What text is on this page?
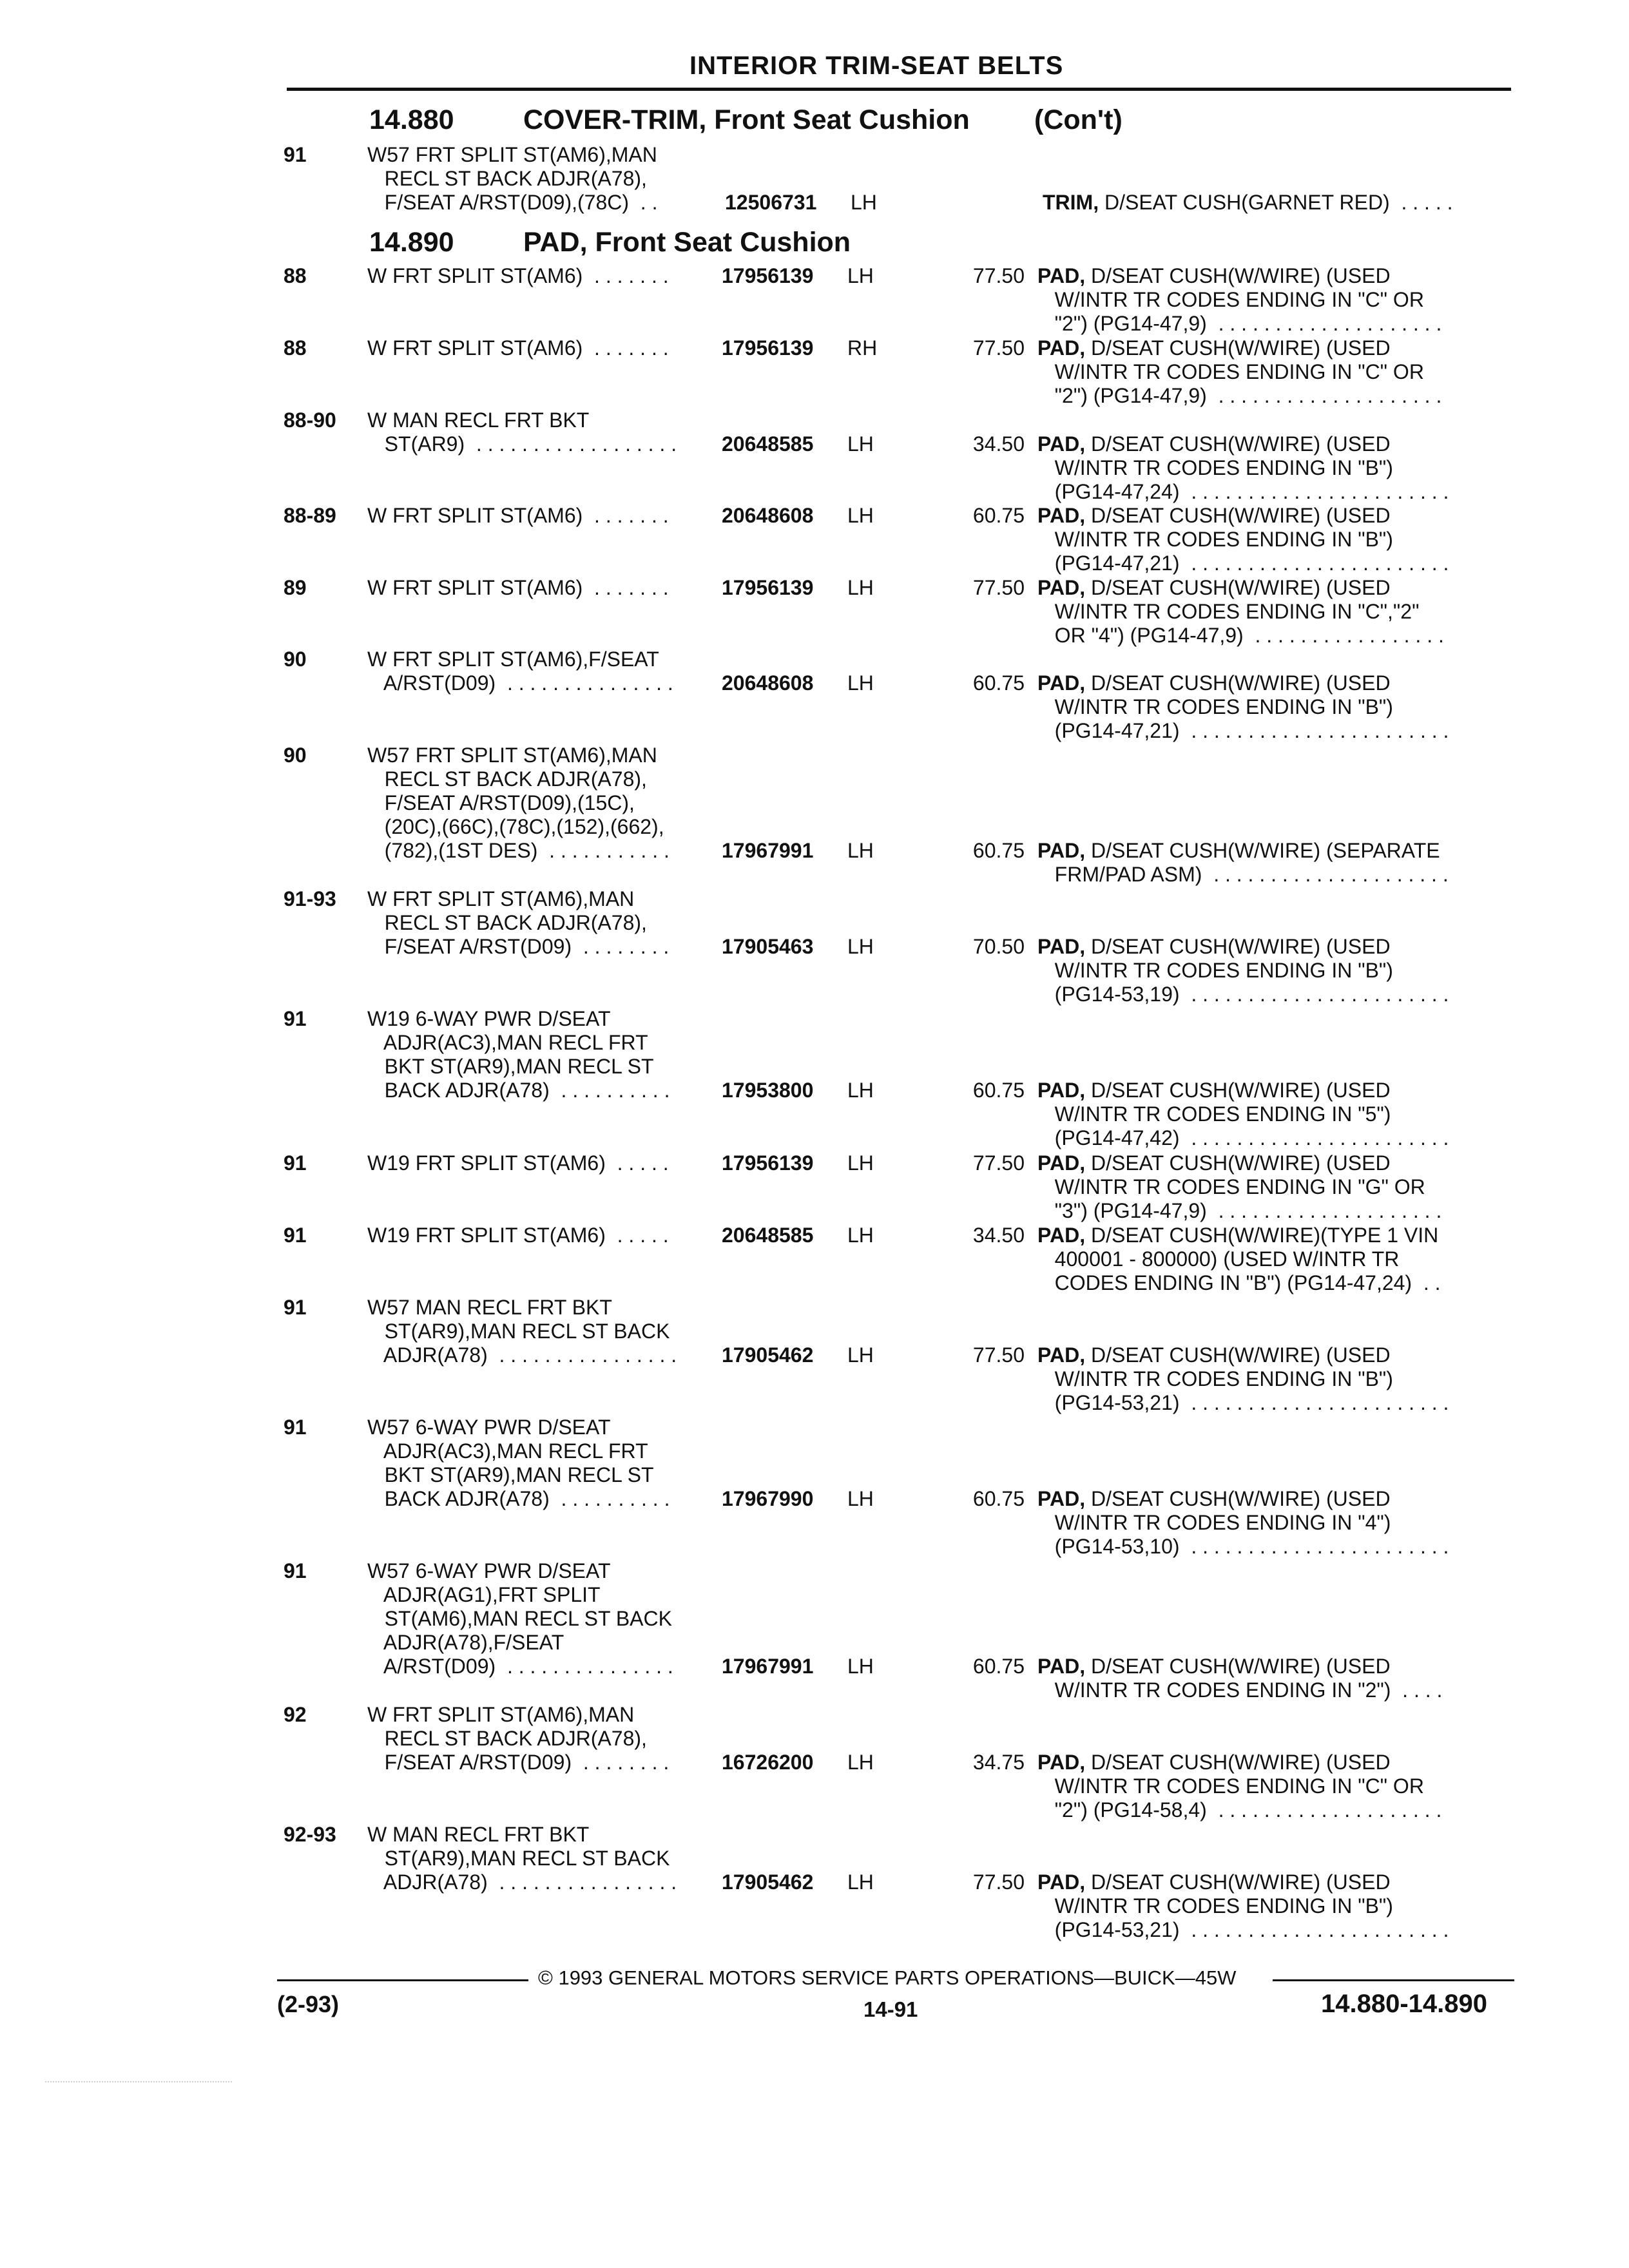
INTERIOR TRIM-SEAT BELTS
14.880 COVER-TRIM, Front Seat Cushion (Con't)
91	W57 FRT SPLIT ST(AM6),MAN
RECL ST BACK ADJR(A78),
F/SEAT A/RST(D09),(78C)  . .	12506731 LH	TRIM, D/SEAT CUSH(GARNET RED)  . . . . .
14.890 PAD, Front Seat Cushion
88	W FRT SPLIT ST(AM6)  . . . . . . .	17956139 LH	77.50 PAD, D/SEAT CUSH(W/WIRE) (USED
W/INTR TR CODES ENDING IN "C" OR
"2") (PG14-47,9)  . . . . . . . . . . . . . . . . . . . .
88	W FRT SPLIT ST(AM6)  . . . . . . .	17956139 RH	77.50 PAD, D/SEAT CUSH(W/WIRE) (USED
W/INTR TR CODES ENDING IN "C" OR
"2") (PG14-47,9)  . . . . . . . . . . . . . . . . . . . .
88-90 W MAN RECL FRT BKT
ST(AR9)  . . . . . . . . . . . . . . . . . . 20648585 LH	34.50 PAD, D/SEAT CUSH(W/WIRE) (USED
W/INTR TR CODES ENDING IN "B")
(PG14-47,24)  . . . . . . . . . . . . . . . . . . . . . . .
88-89 W FRT SPLIT ST(AM6)  . . . . . . .	20648608 LH	60.75 PAD, D/SEAT CUSH(W/WIRE) (USED
W/INTR TR CODES ENDING IN "B")
(PG14-47,21)  . . . . . . . . . . . . . . . . . . . . . . .
89	W FRT SPLIT ST(AM6)  . . . . . . .	17956139 LH	77.50 PAD, D/SEAT CUSH(W/WIRE) (USED
W/INTR TR CODES ENDING IN "C","2"
OR "4") (PG14-47,9)  . . . . . . . . . . . . . . . . .
90	W FRT SPLIT ST(AM6),F/SEAT
A/RST(D09)  . . . . . . . . . . . . . . . 20648608 LH	60.75 PAD, D/SEAT CUSH(W/WIRE) (USED
W/INTR TR CODES ENDING IN "B")
(PG14-47,21)  . . . . . . . . . . . . . . . . . . . . . . .
90	W57 FRT SPLIT ST(AM6),MAN
RECL ST BACK ADJR(A78),
F/SEAT A/RST(D09),(15C),
(20C),(66C),(78C),(152),(662),
(782),(1ST DES)  . . . . . . . . . . .	17967991 LH	60.75 PAD, D/SEAT CUSH(W/WIRE) (SEPARATE
FRM/PAD ASM)  . . . . . . . . . . . . . . . . . . . . .
91-93 W FRT SPLIT ST(AM6),MAN
RECL ST BACK ADJR(A78),
F/SEAT A/RST(D09)  . . . . . . . .	17905463 LH	70.50 PAD, D/SEAT CUSH(W/WIRE) (USED
W/INTR TR CODES ENDING IN "B")
(PG14-53,19)  . . . . . . . . . . . . . . . . . . . . . . .
91	W19 6-WAY PWR D/SEAT
ADJR(AC3),MAN RECL FRT
BKT ST(AR9),MAN RECL ST
BACK ADJR(A78)  . . . . . . . . . .	17953800 LH	60.75 PAD, D/SEAT CUSH(W/WIRE) (USED
W/INTR TR CODES ENDING IN "5")
(PG14-47,42)  . . . . . . . . . . . . . . . . . . . . . . .
91	W19 FRT SPLIT ST(AM6)  . . . . .	17956139 LH	77.50 PAD, D/SEAT CUSH(W/WIRE) (USED
W/INTR TR CODES ENDING IN "G" OR
"3") (PG14-47,9)  . . . . . . . . . . . . . . . . . . . .
91	W19 FRT SPLIT ST(AM6)  . . . . .	20648585 LH	34.50 PAD, D/SEAT CUSH(W/WIRE)(TYPE 1 VIN
400001 - 800000) (USED W/INTR TR
CODES ENDING IN "B") (PG14-47,24)  . .
91	W57 MAN RECL FRT BKT
ST(AR9),MAN RECL ST BACK
ADJR(A78)  . . . . . . . . . . . . . . . . 17905462 LH	77.50 PAD, D/SEAT CUSH(W/WIRE) (USED
W/INTR TR CODES ENDING IN "B")
(PG14-53,21)  . . . . . . . . . . . . . . . . . . . . . . .
91	W57 6-WAY PWR D/SEAT
ADJR(AC3),MAN RECL FRT
BKT ST(AR9),MAN RECL ST
BACK ADJR(A78)  . . . . . . . . . .	17967990 LH	60.75 PAD, D/SEAT CUSH(W/WIRE) (USED
W/INTR TR CODES ENDING IN "4")
(PG14-53,10)  . . . . . . . . . . . . . . . . . . . . . . .
91	W57 6-WAY PWR D/SEAT
ADJR(AG1),FRT SPLIT
ST(AM6),MAN RECL ST BACK
ADJR(A78),F/SEAT
A/RST(D09)  . . . . . . . . . . . . . . . 17967991 LH	60.75 PAD, D/SEAT CUSH(W/WIRE) (USED
W/INTR TR CODES ENDING IN "2")  . . . .
92	W FRT SPLIT ST(AM6),MAN
RECL ST BACK ADJR(A78),
F/SEAT A/RST(D09)  . . . . . . . .	16726200 LH	34.75 PAD, D/SEAT CUSH(W/WIRE) (USED
W/INTR TR CODES ENDING IN "C" OR
"2") (PG14-58,4)  . . . . . . . . . . . . . . . . . . . .
92-93 W MAN RECL FRT BKT
ST(AR9),MAN RECL ST BACK
ADJR(A78)  . . . . . . . . . . . . . . . . 17905462 LH	77.50 PAD, D/SEAT CUSH(W/WIRE) (USED
W/INTR TR CODES ENDING IN "B")
(PG14-53,21)  . . . . . . . . . . . . . . . . . . . . . . .
© 1993 GENERAL MOTORS SERVICE PARTS OPERATIONS—BUICK—45W
(2-93)	14-91	14.880-14.890
